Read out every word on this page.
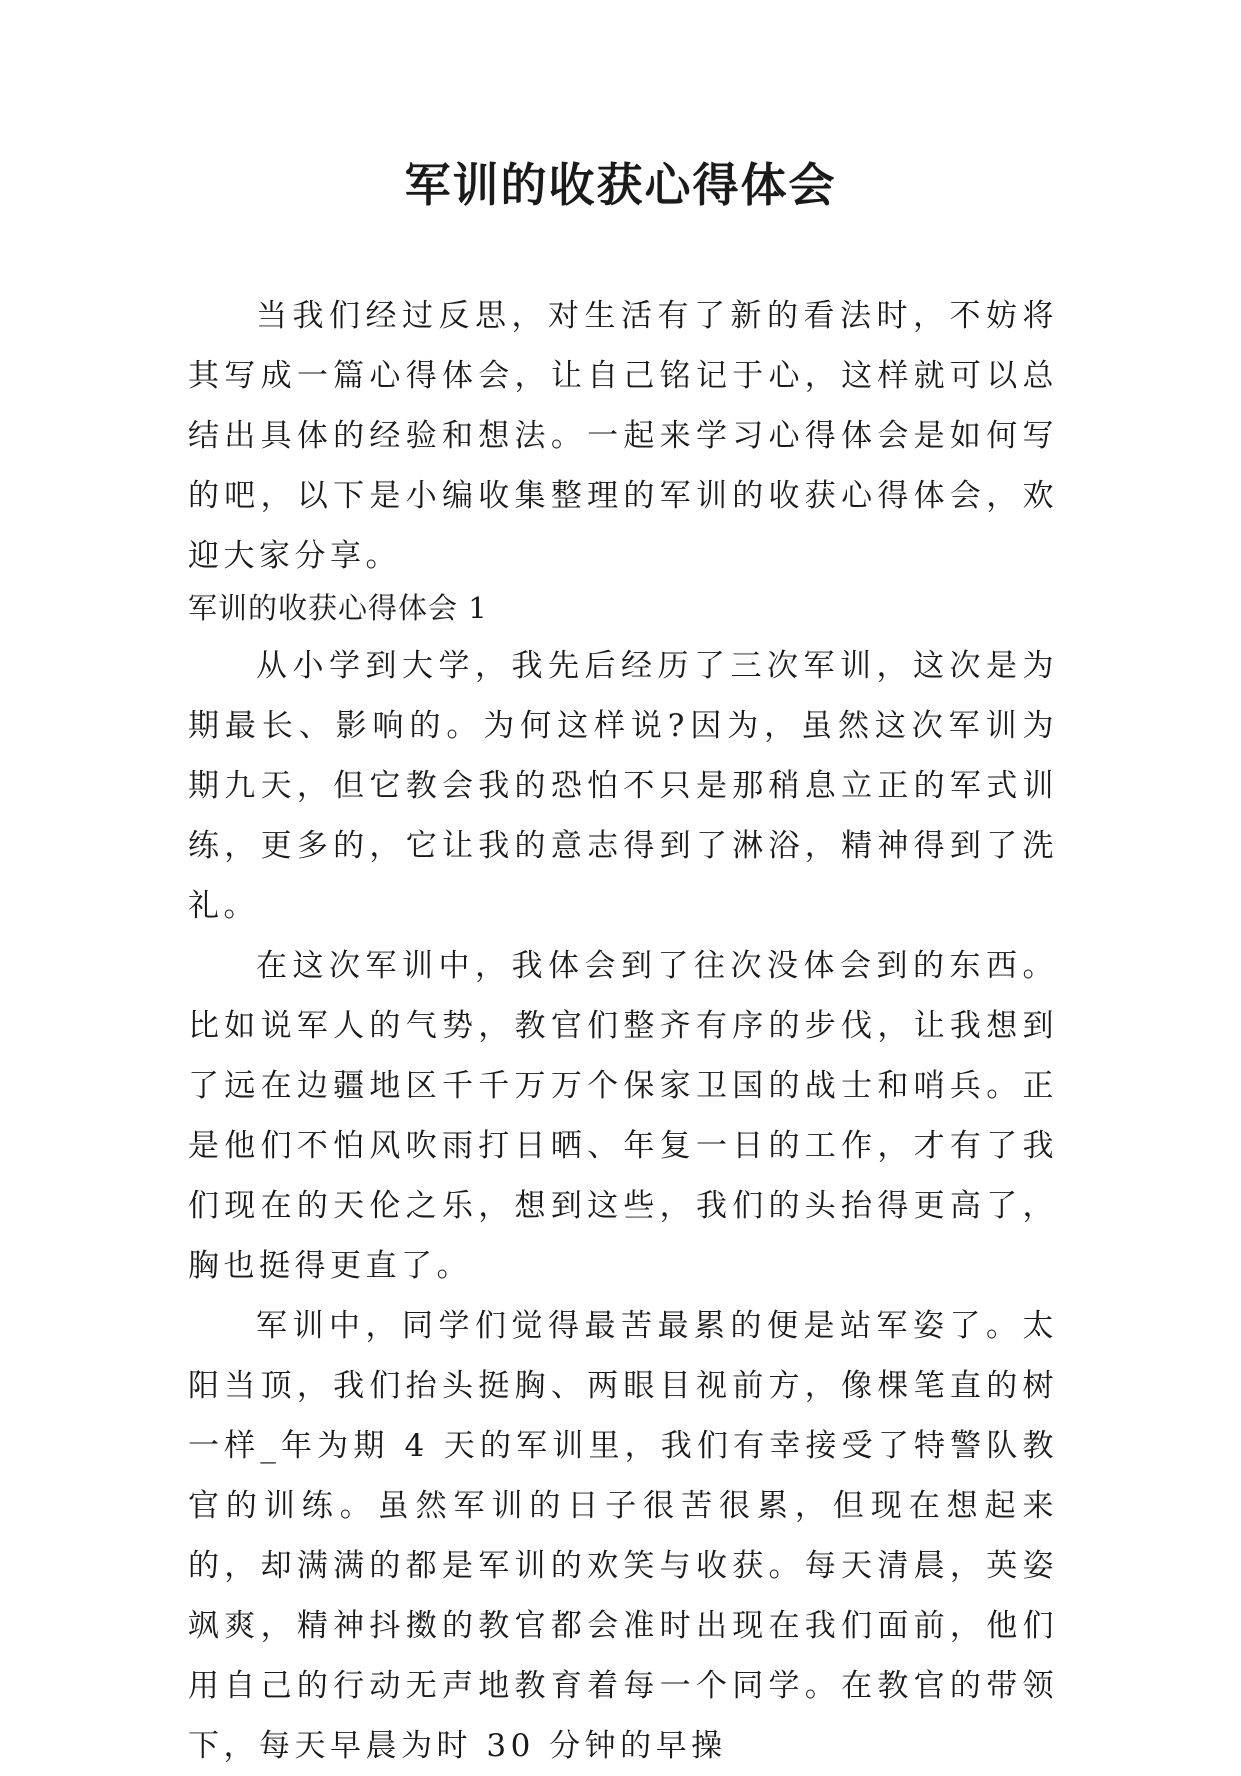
军训的收获心得体会

当我们经过反思，对生活有了新的看法时，不妨将其写成一篇心得体会，让自己铭记于心，这样就可以总结出具体的经验和想法。一起来学习心得体会是如何写的吧，以下是小编收集整理的军训的收获心得体会，欢迎大家分享。

军训的收获心得体会 1

从小学到大学，我先后经历了三次军训，这次是为期最长、影响的。为何这样说?因为，虽然这次军训为期九天，但它教会我的恐怕不只是那稍息立正的军式训练，更多的，它让我的意志得到了淋浴，精神得到了洗礼。

在这次军训中，我体会到了往次没体会到的东西。比如说军人的气势，教官们整齐有序的步伐，让我想到了远在边疆地区千千万万个保家卫国的战士和哨兵。正是他们不怕风吹雨打日晒、年复一日的工作，才有了我们现在的天伦之乐，想到这些，我们的头抬得更高了，胸也挺得更直了。

军训中，同学们觉得最苦最累的便是站军姿了。太阳当顶，我们抬头挺胸、两眼目视前方，像棵笔直的树一样_年为期 4 天的军训里，我们有幸接受了特警队教官的训练。虽然军训的日子很苦很累，但现在想起来的，却满满的都是军训的欢笑与收获。每天清晨，英姿飒爽，精神抖擞的教官都会准时出现在我们面前，他们用自己的行动无声地教育着每一个同学。在教官的带领下，每天早晨为时 30 分钟的早操
